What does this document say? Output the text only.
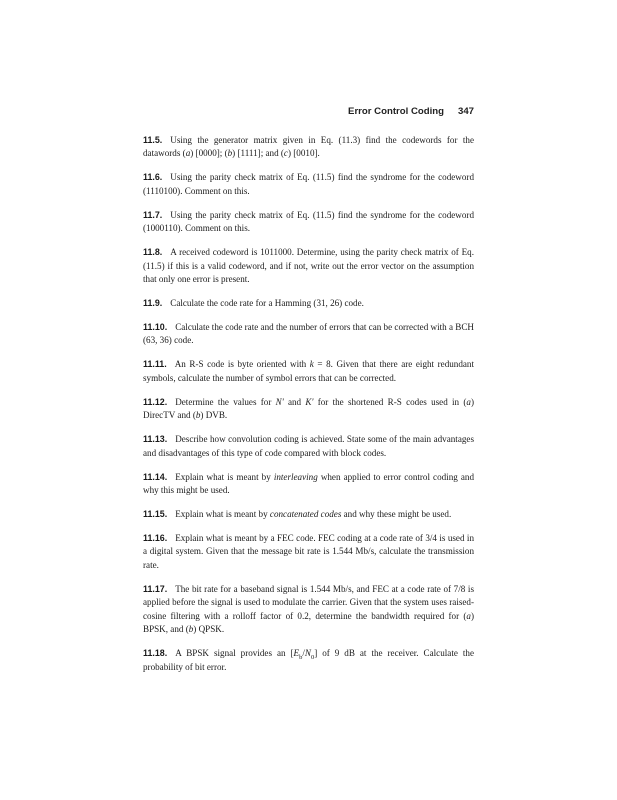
Error Control Coding 347

11.5. Using the generator matrix given in Eq. (11.3) find the codewords for the datawords (a) [0000]; (b) [1111]; and (c) [0010].

11.6. Using the parity check matrix of Eq. (11.5) find the syndrome for the codeword (1110100). Comment on this.

11.7. Using the parity check matrix of Eq. (11.5) find the syndrome for the codeword (1000110). Comment on this.

11.8. A received codeword is 1011000. Determine, using the parity check matrix of Eq. (11.5) if this is a valid codeword, and if not, write out the error vector on the assumption that only one error is present.

11.9. Calculate the code rate for a Hamming (31, 26) code.

11.10. Calculate the code rate and the number of errors that can be corrected with a BCH (63, 36) code.

11.11. An R-S code is byte oriented with k = 8. Given that there are eight redundant symbols, calculate the number of symbol errors that can be corrected.

11.12. Determine the values for N' and K' for the shortened R-S codes used in (a) DirecTV and (b) DVB.

11.13. Describe how convolution coding is achieved. State some of the main advantages and disadvantages of this type of code compared with block codes.

11.14. Explain what is meant by interleaving when applied to error control coding and why this might be used.

11.15. Explain what is meant by concatenated codes and why these might be used.

11.16. Explain what is meant by a FEC code. FEC coding at a code rate of 3/4 is used in a digital system. Given that the message bit rate is 1.544 Mb/s, calculate the transmission rate.

11.17. The bit rate for a baseband signal is 1.544 Mb/s, and FEC at a code rate of 7/8 is applied before the signal is used to modulate the carrier. Given that the system uses raised-cosine filtering with a rolloff factor of 0.2, determine the bandwidth required for (a) BPSK, and (b) QPSK.

11.18. A BPSK signal provides an $[E_b/N_0]$ of 9 dB at the receiver. Calculate the probability of bit error.
